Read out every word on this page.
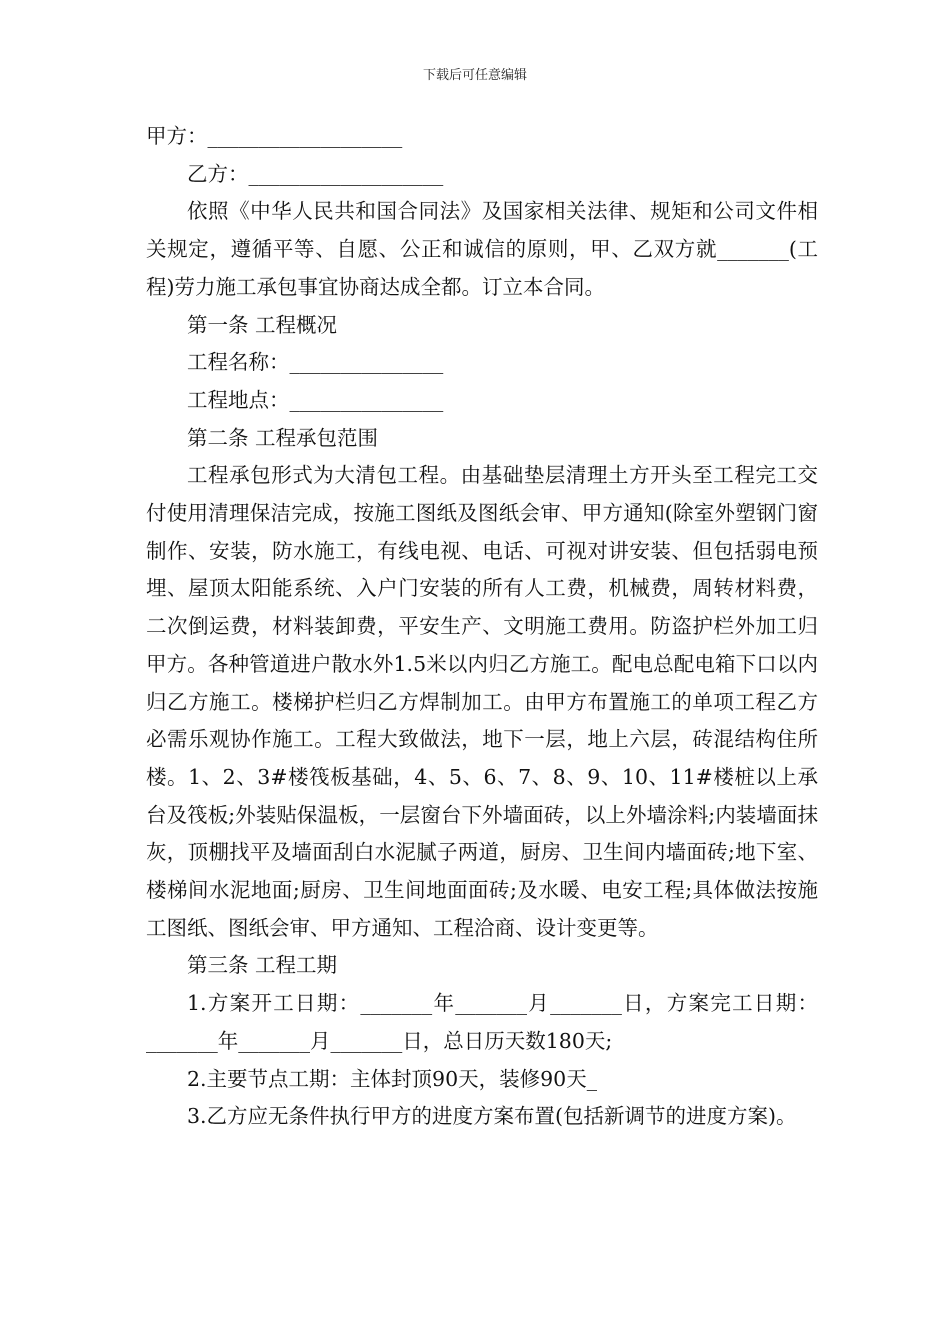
下载后可任意编辑

甲方：___________________

乙方：___________________

依照《中华人民共和国合同法》及国家相关法律、规矩和公司文件相关规定，遵循平等、自愿、公正和诚信的原则，甲、乙双方就_______(工程)劳力施工承包事宜协商达成全都。订立本合同。

第一条 工程概况

工程名称：_______________

工程地点：_______________

第二条 工程承包范围

工程承包形式为大清包工程。由基础垫层清理土方开头至工程完工交付使用清理保洁完成，按施工图纸及图纸会审、甲方通知(除室外塑钢门窗制作、安装，防水施工，有线电视、电话、可视对讲安装、但包括弱电预埋、屋顶太阳能系统、入户门安装的所有人工费，机械费，周转材料费，二次倒运费，材料装卸费，平安生产、文明施工费用。防盗护栏外加工归甲方。各种管道进户散水外1.5米以内归乙方施工。配电总配电箱下口以内归乙方施工。楼梯护栏归乙方焊制加工。由甲方布置施工的单项工程乙方必需乐观协作施工。工程大致做法，地下一层，地上六层，砖混结构住所楼。1、2、3#楼筏板基础，4、5、6、7、8、9、10、11#楼桩以上承台及筏板;外装贴保温板，一层窗台下外墙面砖，以上外墙涂料;内装墙面抹灰，顶棚找平及墙面刮白水泥腻子两道，厨房、卫生间内墙面砖;地下室、楼梯间水泥地面;厨房、卫生间地面面砖;及水暖、电安工程;具体做法按施工图纸、图纸会审、甲方通知、工程洽商、设计变更等。

第三条 工程工期

1.方案开工日期：_______年_______月_______日，方案完工日期：_______年_______月_______日，总日历天数180天;

2.主要节点工期：主体封顶90天，装修90天_

3.乙方应无条件执行甲方的进度方案布置(包括新调节的进度方案)。
